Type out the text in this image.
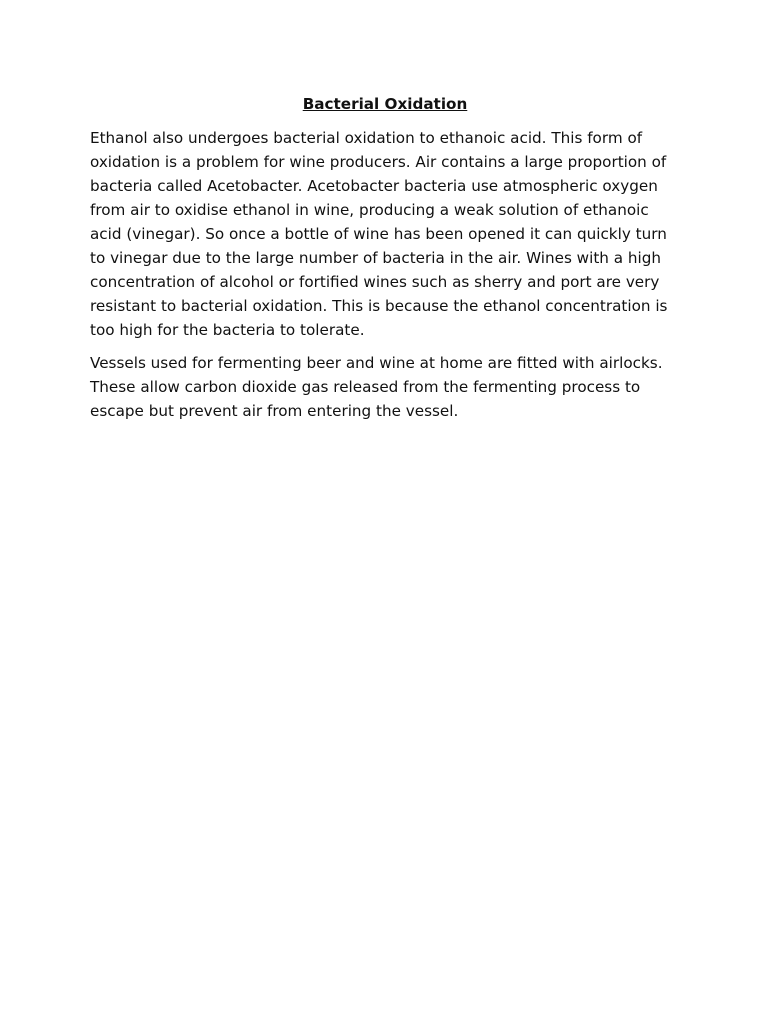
Bacterial Oxidation

Ethanol also undergoes bacterial oxidation to ethanoic acid. This form of oxidation is a problem for wine producers. Air contains a large proportion of bacteria called Acetobacter. Acetobacter bacteria use atmospheric oxygen from air to oxidise ethanol in wine, producing a weak solution of ethanoic acid (vinegar). So once a bottle of wine has been opened it can quickly turn to vinegar due to the large number of bacteria in the air. Wines with a high concentration of alcohol or fortified wines such as sherry and port are very resistant to bacterial oxidation. This is because the ethanol concentration is too high for the bacteria to tolerate.

Vessels used for fermenting beer and wine at home are fitted with airlocks. These allow carbon dioxide gas released from the fermenting process to escape but prevent air from entering the vessel.
